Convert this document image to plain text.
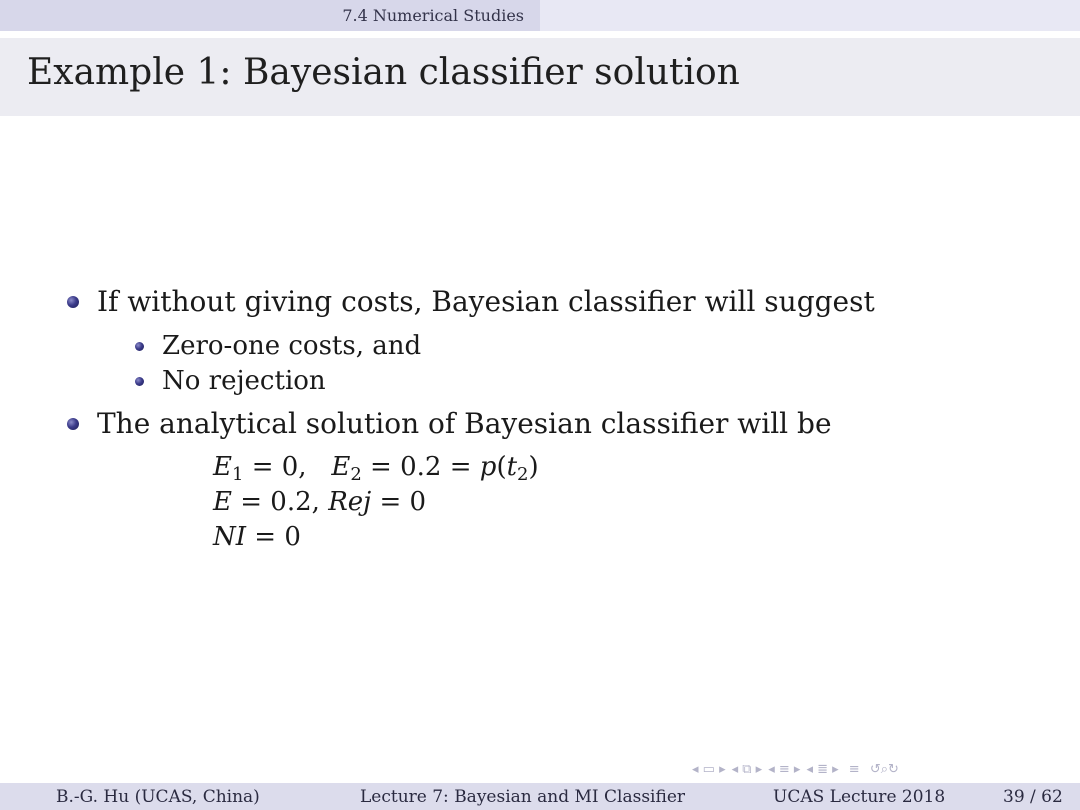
7.4 Numerical Studies
Example 1: Bayesian classifier solution
If without giving costs, Bayesian classifier will suggest
Zero-one costs, and
No rejection
The analytical solution of Bayesian classifier will be
$E_1 = 0$,   $E_2 = 0.2 = p(t_2)$
E = 0.2, Rej = 0
NI = 0
◂ ▭ ▸ ◂ ⧉ ▸ ◂ ≡ ▸ ◂ ≣ ▸ ≡ ↺⌕↻
B.-G. Hu (UCAS, China)	Lecture 7: Bayesian and MI Classifier	UCAS Lecture 2018	39 / 62
